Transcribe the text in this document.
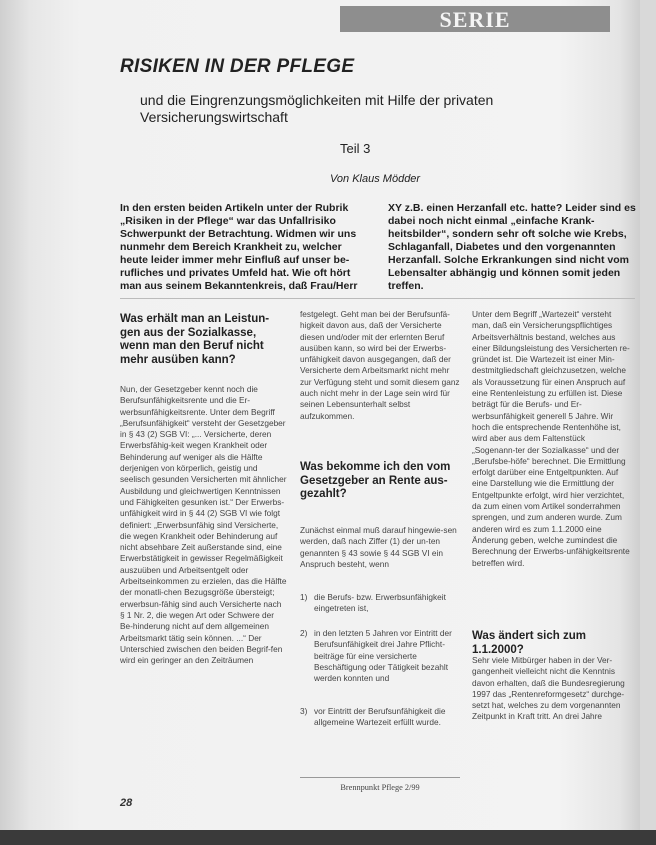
SERIE
RISIKEN IN DER PFLEGE
und die Eingrenzungsmöglichkeiten mit Hilfe der privaten Versicherungswirtschaft
Teil 3
Von Klaus Mödder
In den ersten beiden Artikeln unter der Rubrik „Risiken in der Pflege“ war das Unfallrisiko Schwerpunkt der Betrachtung. Widmen wir uns nunmehr dem Bereich Krankheit zu, welcher heute leider immer mehr Einfluß auf unser be-rufliches und privates Umfeld hat. Wie oft hört man aus seinem Bekanntenkreis, daß Frau/Herr
XY z.B. einen Herzanfall etc. hatte? Leider sind es dabei noch nicht einmal „einfache Krank-heitsbilder“, sondern sehr oft solche wie Krebs, Schlaganfall, Diabetes und den vorgenannten Herzanfall. Solche Erkrankungen sind nicht vom Lebensalter abhängig und können somit jeden treffen.
Was erhält man an Leistun-gen aus der Sozialkasse, wenn man den Beruf nicht mehr ausüben kann?
Nun, der Gesetzgeber kennt noch die Berufsunfähigkeitsrente und die Er-werbsunfähigkeitsrente. Unter dem Begriff „Berufsunfähigkeit“ versteht der Gesetzgeber in § 43 (2) SGB VI: „... Versicherte, deren Erwerbsfähig-keit wegen Krankheit oder Behinderung auf weniger als die Hälfte derjenigen von körperlich, geistig und seelisch gesunden Versicherten mit ähnlicher Ausbildung und gleichwertigen Kenntnissen und Fähigkeiten gesunken ist.“ Der Erwerbs-unfähigkeit wird in § 44 (2) SGB VI wie folgt definiert: „Erwerbsunfähig sind Versicherte, die wegen Krankheit oder Behinderung auf nicht absehbare Zeit außerstande sind, eine Erwerbstätigkeit in gewisser Regelmäßigkeit auszuüben und Arbeitsentgelt oder Arbeitseinkommen zu erzielen, das die Hälfte der monatli-chen Bezugsgröße übersteigt; erwerbsun-fähig sind auch Versicherte nach § 1 Nr. 2, die wegen Art oder Schwere der Be-hinderung nicht auf dem allgemeinen Arbeitsmarkt tätig sein können. ...“ Der Unterschied zwischen den beiden Begrif-fen wird ein geringer an den Zeiträumen
festgelegt. Geht man bei der Berufsunfä-higkeit davon aus, daß der Versicherte diesen und/oder mit der erlernten Beruf ausüben kann, so wird bei der Erwerbs-unfähigkeit davon ausgegangen, daß der Versicherte dem Arbeitsmarkt nicht mehr zur Verfügung steht und somit diesem ganz auch nicht mehr in der Lage sein wird für seinen Lebensunterhalt selbst aufzukommen.
Was bekomme ich den vom Gesetzgeber an Rente aus-gezahlt?
Zunächst einmal muß darauf hingewie-sen werden, daß nach Ziffer (1) der un-ten genannten § 43 sowie § 44 SGB VI ein Anspruch besteht, wenn
1) die Berufs- bzw. Erwerbsunfähigkeit eingetreten ist,
2) in den letzten 5 Jahren vor Eintritt der Berufsunfähigkeit drei Jahre Pflicht-beiträge für eine versicherte Beschäftigung oder Tätigkeit bezahlt werden konnten und
3) vor Eintritt der Berufsunfähigkeit die allgemeine Wartezeit erfüllt wurde.
Unter dem Begriff „Wartezeit“ versteht man, daß ein Versicherungspflichtiges Arbeitsverhältnis bestand, welches aus einer Bildungsleistung des Versicherten re-gründet ist. Die Wartezeit ist einer Min-destmitgliedschaft gleichzusetzen, welche als Voraussetzung für einen Anspruch auf eine Rentenleistung zu erfüllen ist. Diese beträgt für die Berufs- und Er-werbsunfähigkeit generell 5 Jahre. Wir hoch die entsprechende Rentenhöhe ist, wird aber aus dem Faltenstück „Sogenann-ter der Sozialkasse“ und der „Berufsbe-höfe“ berechnet. Die Ermittlung erfolgt darüber eine Entgeltpunkten. Auf eine Darstellung wie die Ermittlung der Entgeltpunkte erfolgt, wird hier verzichtet, da zum einen vom Artikel sonderrahmen sprengen, und zum anderen wurde. Zum anderen wird es zum 1.1.2000 eine Änderung geben, welche zumindest die Berechnung der Erwerbs-unfähigkeitsrente betreffen wird.
Was ändert sich zum 1.1.2000?
Sehr viele Mitbürger haben in der Ver-gangenheit vielleicht nicht die Kenntnis davon erhalten, daß die Bundesregierung 1997 das „Rentenreformgesetz“ durchge-setzt hat, welches zu dem vorgenannten Zeitpunkt in Kraft tritt. An drei Jahre
Brennpunkt Pflege 2/99
28
